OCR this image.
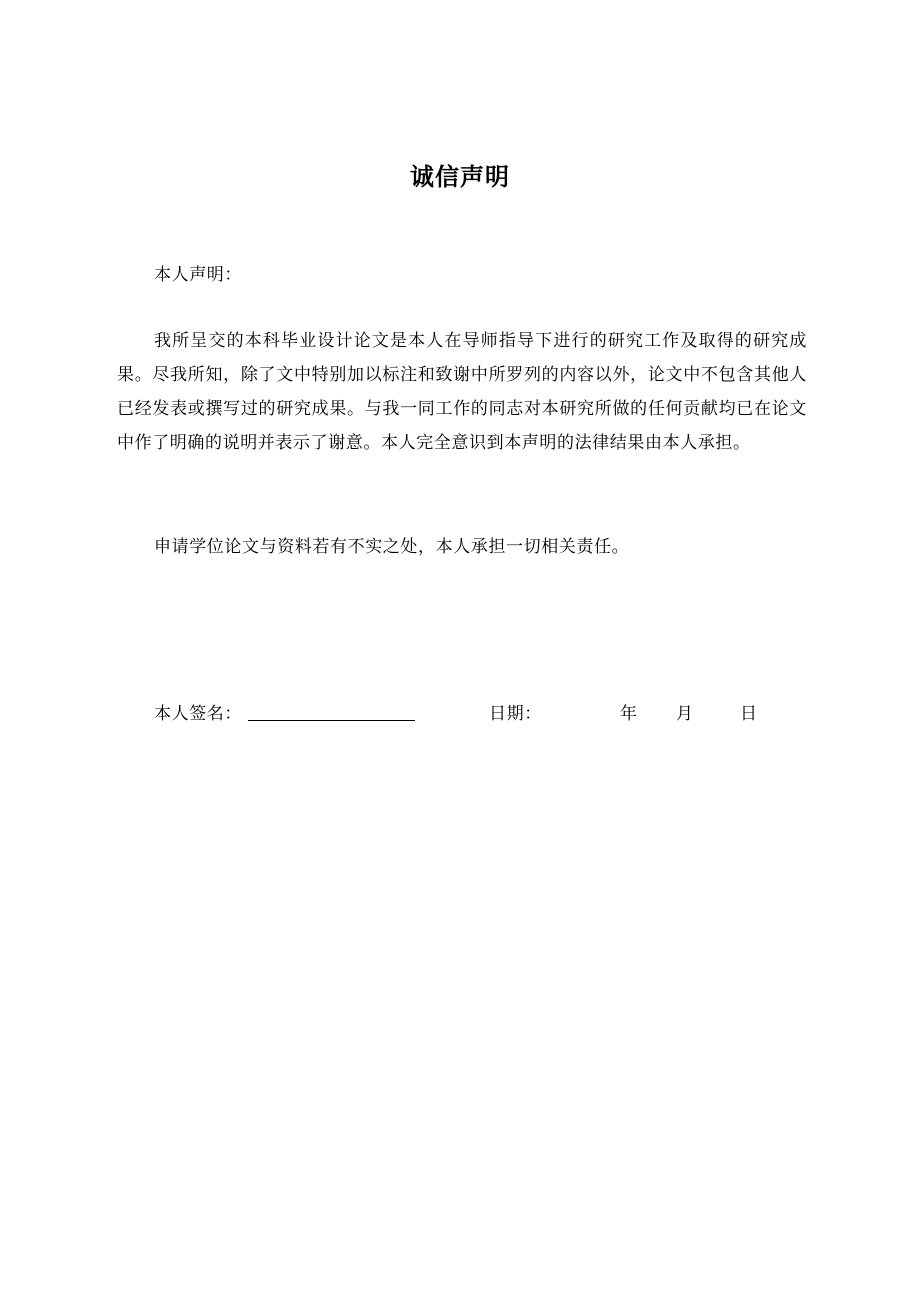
诚信声明
本人声明：
我所呈交的本科毕业设计论文是本人在导师指导下进行的研究工作及取得的研究成果。尽我所知，除了文中特别加以标注和致谢中所罗列的内容以外，论文中不包含其他人已经发表或撰写过的研究成果。与我一同工作的同志对本研究所做的任何贡献均已在论文中作了明确的说明并表示了谢意。本人完全意识到本声明的法律结果由本人承担。
申请学位论文与资料若有不实之处，本人承担一切相关责任。
本人签名：	日期：	年 月	日
